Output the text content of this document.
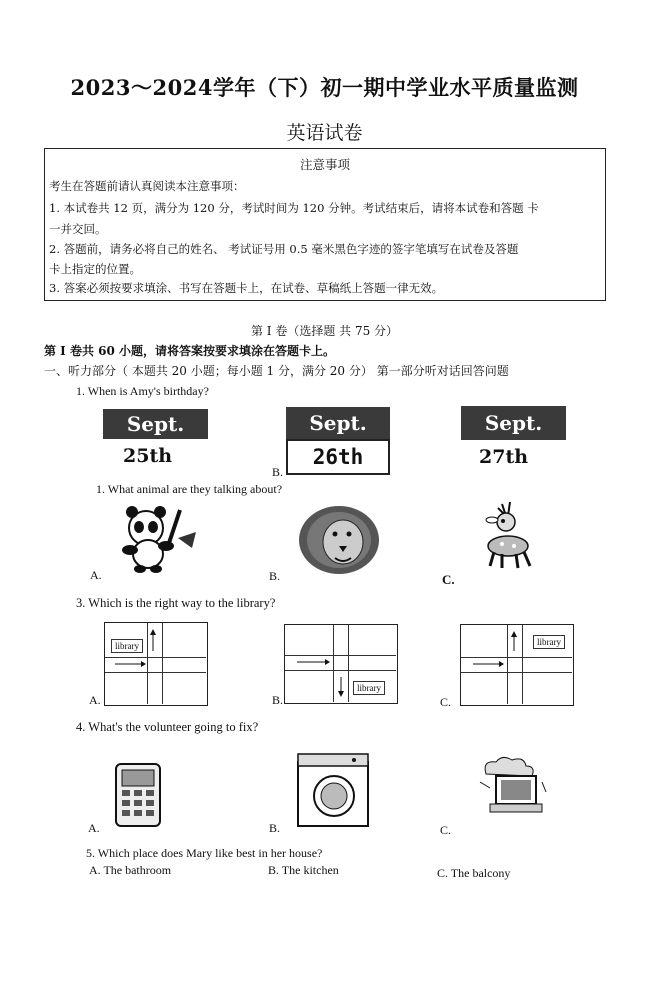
2023〜2024学年（下）初一期中学业水平质量监测
英语试卷
注意事项
考生在答题前请认真阅读本注意事项：
1. 本试卷共 12 页，满分为 120 分，考试时间为 120 分钟。考试结束后，请将本试卷和答题 卡
一并交回。
2. 答题前，请务必将自己的姓名、 考试证号用 0.5 毫米黑色字迹的签字笔填写在试卷及答题
卡上指定的位置。
3. 答案必须按要求填涂、书写在答题卡上，在试卷、草稿纸上答题一律无效。
第 I 卷（选择题 共 75 分）
第 I 卷共 60 小题，请将答案按要求填涂在答题卡上。
一、听力部分（ 本题共 20 小题；每小题 1 分，满分 20 分） 第一部分听对话回答问题
1. When is Amy's birthday?
Sept.
25th
B.
Sept.
26th
Sept.
27th
1. What animal are they talking about?
A.	B.	C.
3. Which is the right way to the library?
library
A.
library
B.
library
C.
4. What's the volunteer going to fix?
A.	B.	C.
5. Which place does Mary like best in her house?
A. The bathroom	B. The kitchen	C. The balcony
